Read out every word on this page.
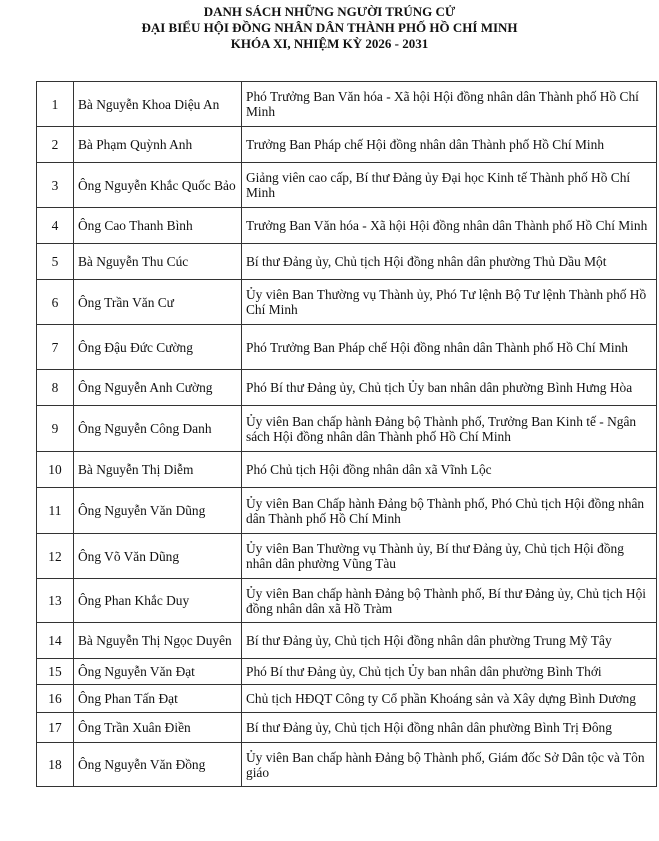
DANH SÁCH NHỮNG NGƯỜI TRÚNG CỬ
ĐẠI BIỂU HỘI ĐỒNG NHÂN DÂN THÀNH PHỐ HỒ CHÍ MINH
KHÓA XI, NHIỆM KỲ 2026 - 2031
1	Bà Nguyễn Khoa Diệu An	Phó Trưởng Ban Văn hóa - Xã hội Hội đồng nhân dân Thành phố Hồ Chí Minh
2	Bà Phạm Quỳnh Anh	Trưởng Ban Pháp chế Hội đồng nhân dân Thành phố Hồ Chí Minh
3	Ông Nguyễn Khắc Quốc Bảo	Giảng viên cao cấp, Bí thư Đảng ủy Đại học Kinh tế Thành phố Hồ Chí Minh
4	Ông Cao Thanh Bình	Trưởng Ban Văn hóa - Xã hội Hội đồng nhân dân Thành phố Hồ Chí Minh
5	Bà Nguyễn Thu Cúc	Bí thư Đảng ủy, Chủ tịch Hội đồng nhân dân phường Thủ Dầu Một
6	Ông Trần Văn Cư	Ủy viên Ban Thường vụ Thành ủy, Phó Tư lệnh Bộ Tư lệnh Thành phố Hồ Chí Minh
7	Ông Đậu Đức Cường	Phó Trưởng Ban Pháp chế Hội đồng nhân dân Thành phố Hồ Chí Minh
8	Ông Nguyễn Anh Cường	Phó Bí thư Đảng ủy, Chủ tịch Ủy ban nhân dân phường Bình Hưng Hòa
9	Ông Nguyễn Công Danh	Ủy viên Ban chấp hành Đảng bộ Thành phố, Trưởng Ban Kinh tế - Ngân sách Hội đồng nhân dân Thành phố Hồ Chí Minh
10	Bà Nguyễn Thị Diễm	Phó Chủ tịch Hội đồng nhân dân xã Vĩnh Lộc
11	Ông Nguyễn Văn Dũng	Ủy viên Ban Chấp hành Đảng bộ Thành phố, Phó Chủ tịch Hội đồng nhân dân Thành phố Hồ Chí Minh
12	Ông Võ Văn Dũng	Ủy viên Ban Thường vụ Thành ủy, Bí thư Đảng ủy, Chủ tịch Hội đồng nhân dân phường Vũng Tàu
13	Ông Phan Khắc Duy	Ủy viên Ban chấp hành Đảng bộ Thành phố, Bí thư Đảng ủy, Chủ tịch Hội đồng nhân dân xã Hồ Tràm
14	Bà Nguyễn Thị Ngọc Duyên	Bí thư Đảng ủy, Chủ tịch Hội đồng nhân dân phường Trung Mỹ Tây
15	Ông Nguyễn Văn Đạt	Phó Bí thư Đảng ủy, Chủ tịch Ủy ban nhân dân phường Bình Thới
16	Ông Phan Tấn Đạt	Chủ tịch HĐQT Công ty Cổ phần Khoáng sản và Xây dựng Bình Dương
17	Ông Trần Xuân Điền	Bí thư Đảng ủy, Chủ tịch Hội đồng nhân dân phường Bình Trị Đông
18	Ông Nguyễn Văn Đồng	Ủy viên Ban chấp hành Đảng bộ Thành phố, Giám đốc Sở Dân tộc và Tôn giáo
